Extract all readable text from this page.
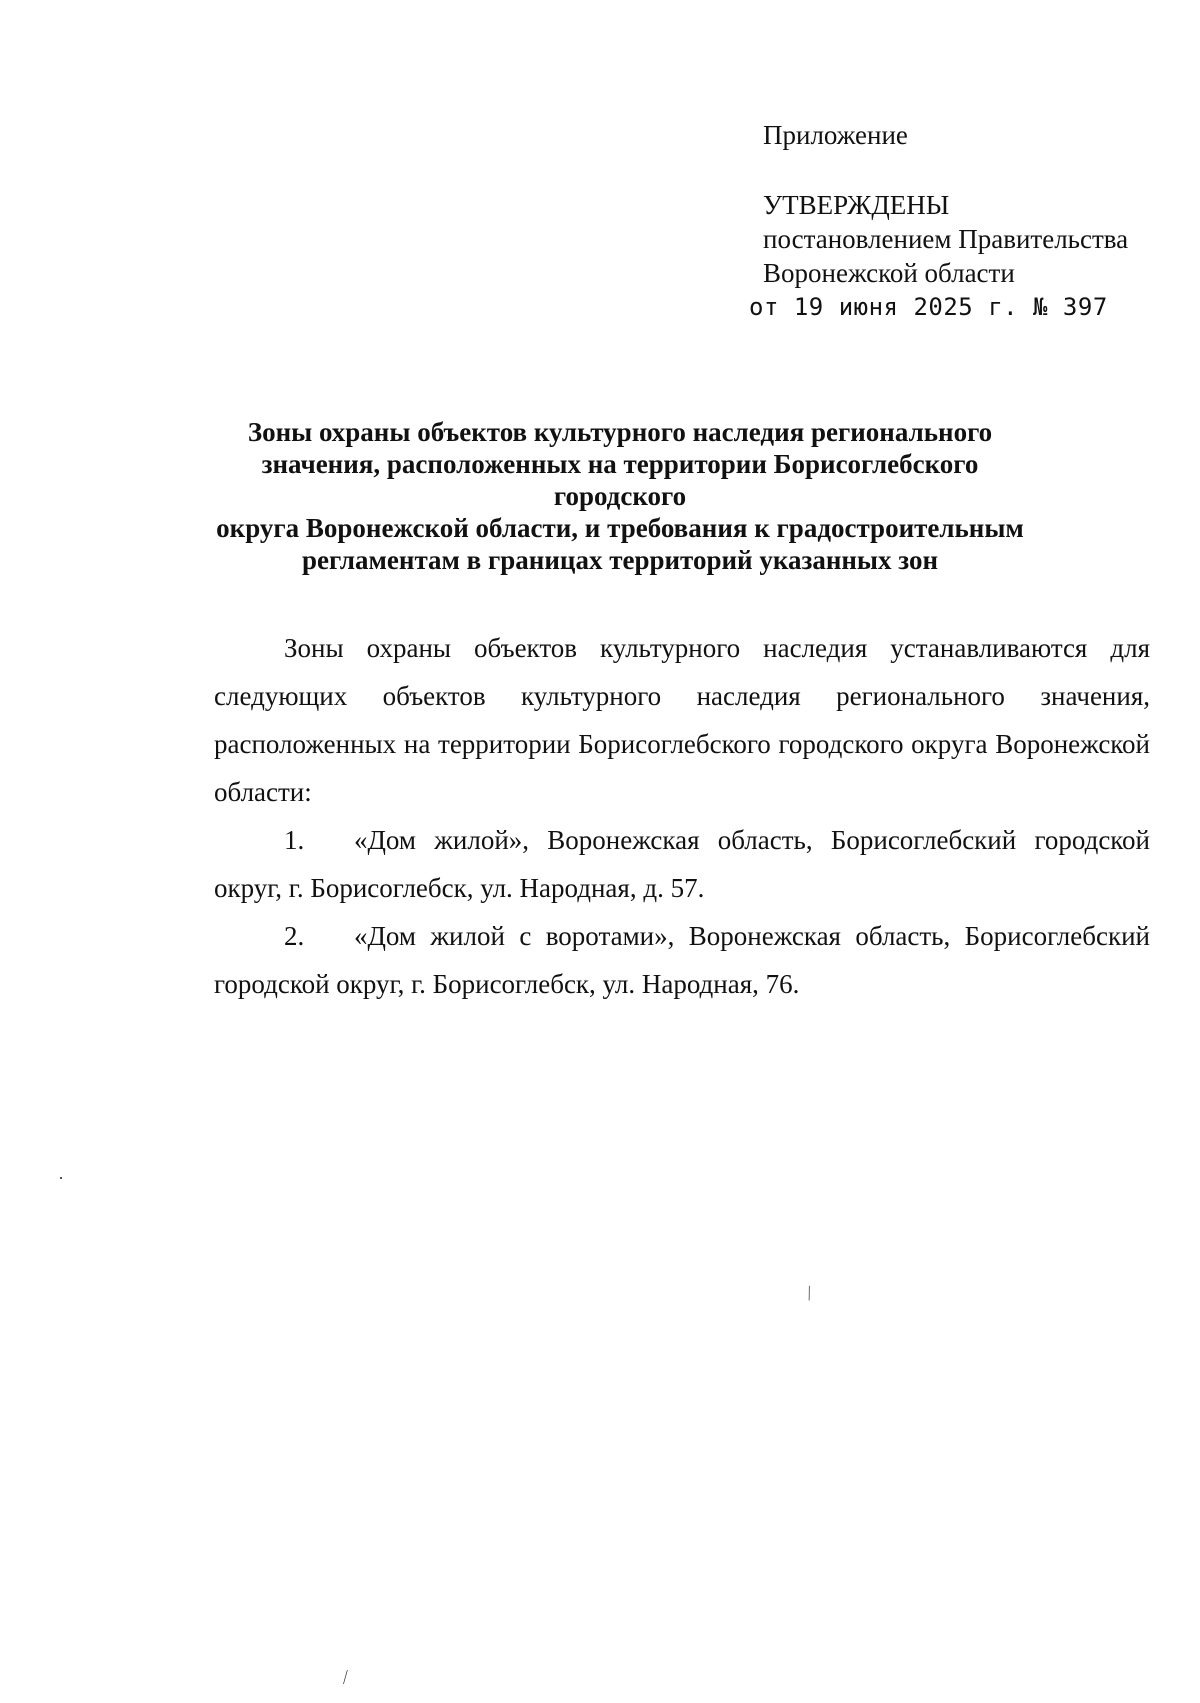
Приложение
УТВЕРЖДЕНЫ
постановлением Правительства
Воронежской области
от 19 июня 2025 г. № 397
Зоны охраны объектов культурного наследия регионального
значения, расположенных на территории Борисоглебского городского
округа Воронежской области, и требования к градостроительным
регламентам в границах территорий указанных зон

Зоны охраны объектов культурного наследия устанавливаются для следующих объектов культурного наследия регионального значения, расположенных на территории Борисоглебского городского округа Воронежской области:

1. «Дом жилой», Воронежская область, Борисоглебский городской округ, г. Борисоглебск, ул. Народная, д. 57.

2. «Дом жилой с воротами», Воронежская область, Борисоглебский городской округ, г. Борисоглебск, ул. Народная, 76.

·
⁄
⁄
